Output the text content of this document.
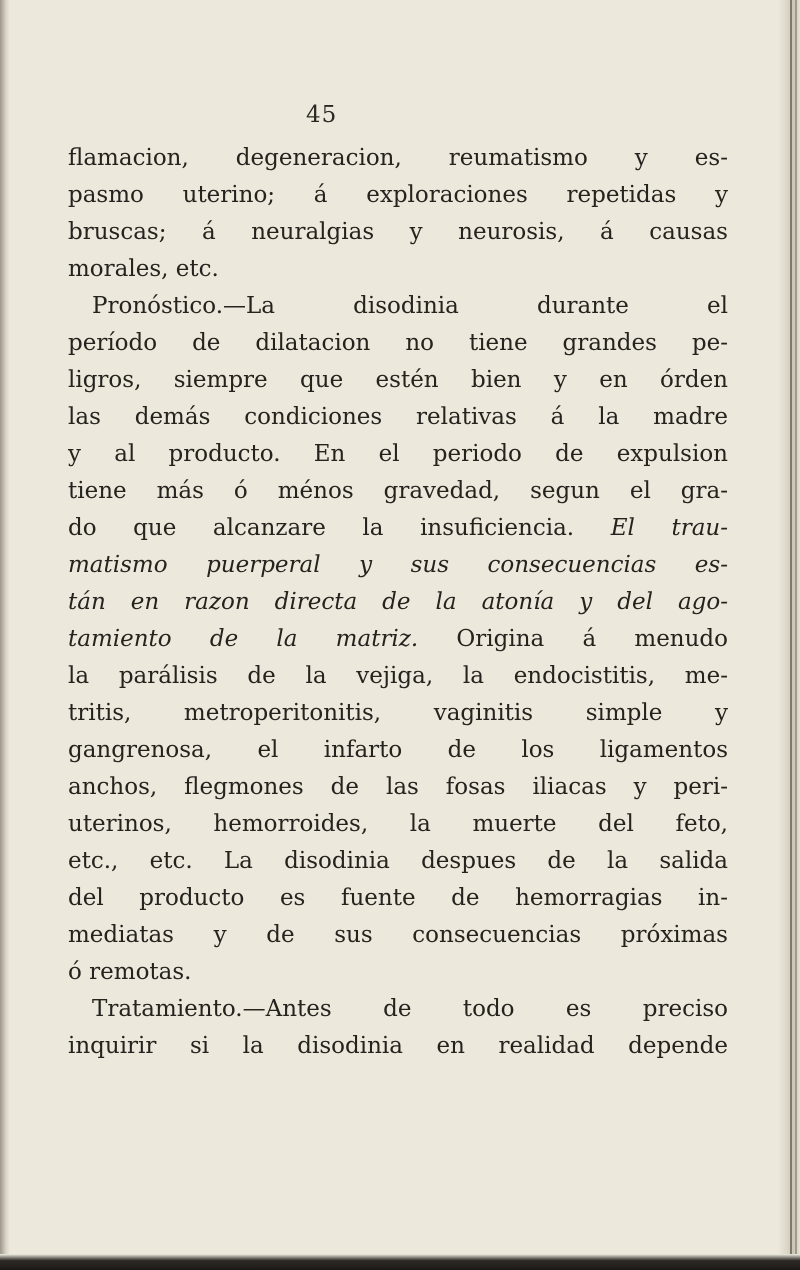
45
flamacion, degeneracion, reumatismo y es-
pasmo uterino; á exploraciones repetidas y
bruscas; á neuralgias y neurosis, á causas
morales, etc.
Pronóstico.—La disodinia durante el
período de dilatacion no tiene grandes pe-
ligros, siempre que estén bien y en órden
las demás condiciones relativas á la madre
y al producto. En el periodo de expulsion
tiene más ó ménos gravedad, segun el gra-
do que alcanzare la insuficiencia. El trau-
matismo puerperal y sus consecuencias es-
tán en razon directa de la atonía y del ago-
tamiento de la matriz. Origina á menudo
la parálisis de la vejiga, la endocistitis, me-
tritis, metroperitonitis, vaginitis simple y
gangrenosa, el infarto de los ligamentos
anchos, flegmones de las fosas iliacas y peri-
uterinos, hemorroides, la muerte del feto,
etc., etc. La disodinia despues de la salida
del producto es fuente de hemorragias in-
mediatas y de sus consecuencias próximas
ó remotas.
Tratamiento.—Antes de todo es preciso
inquirir si la disodinia en realidad depende
